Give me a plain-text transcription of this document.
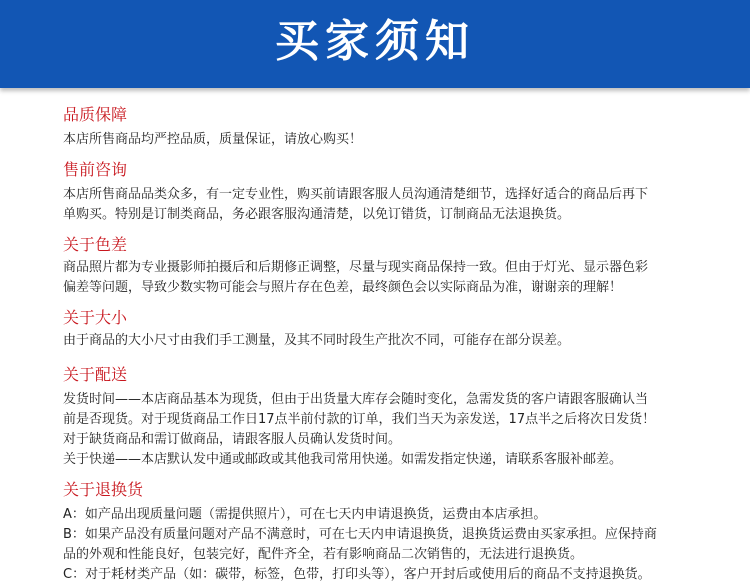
买家须知
品质保障
本店所售商品均严控品质，质量保证，请放心购买！
售前咨询
本店所售商品品类众多，有一定专业性，购买前请跟客服人员沟通清楚细节，选择好适合的商品后再下
单购买。特别是订制类商品，务必跟客服沟通清楚，以免订错货，订制商品无法退换货。
关于色差
商品照片都为专业摄影师拍摄后和后期修正调整，尽量与现实商品保持一致。但由于灯光、显示器色彩
偏差等问题，导致少数实物可能会与照片存在色差，最终颜色会以实际商品为准，谢谢亲的理解！
关于大小
由于商品的大小尺寸由我们手工测量，及其不同时段生产批次不同，可能存在部分误差。
关于配送
发货时间——本店商品基本为现货，但由于出货量大库存会随时变化，急需发货的客户请跟客服确认当
前是否现货。对于现货商品工作日17点半前付款的订单，我们当天为亲发送，17点半之后将次日发货！
对于缺货商品和需订做商品，请跟客服人员确认发货时间。
关于快递——本店默认发中通或邮政或其他我司常用快递。如需发指定快递，请联系客服补邮差。
关于退换货
A：如产品出现质量问题（需提供照片），可在七天内申请退换货，运费由本店承担。
B：如果产品没有质量问题对产品不满意时，可在七天内申请退换货，退换货运费由买家承担。应保持商
品的外观和性能良好，包装完好，配件齐全，若有影响商品二次销售的，无法进行退换货。
C：对于耗材类产品（如：碳带，标签，色带，打印头等），客户开封后或使用后的商品不支持退换货。
